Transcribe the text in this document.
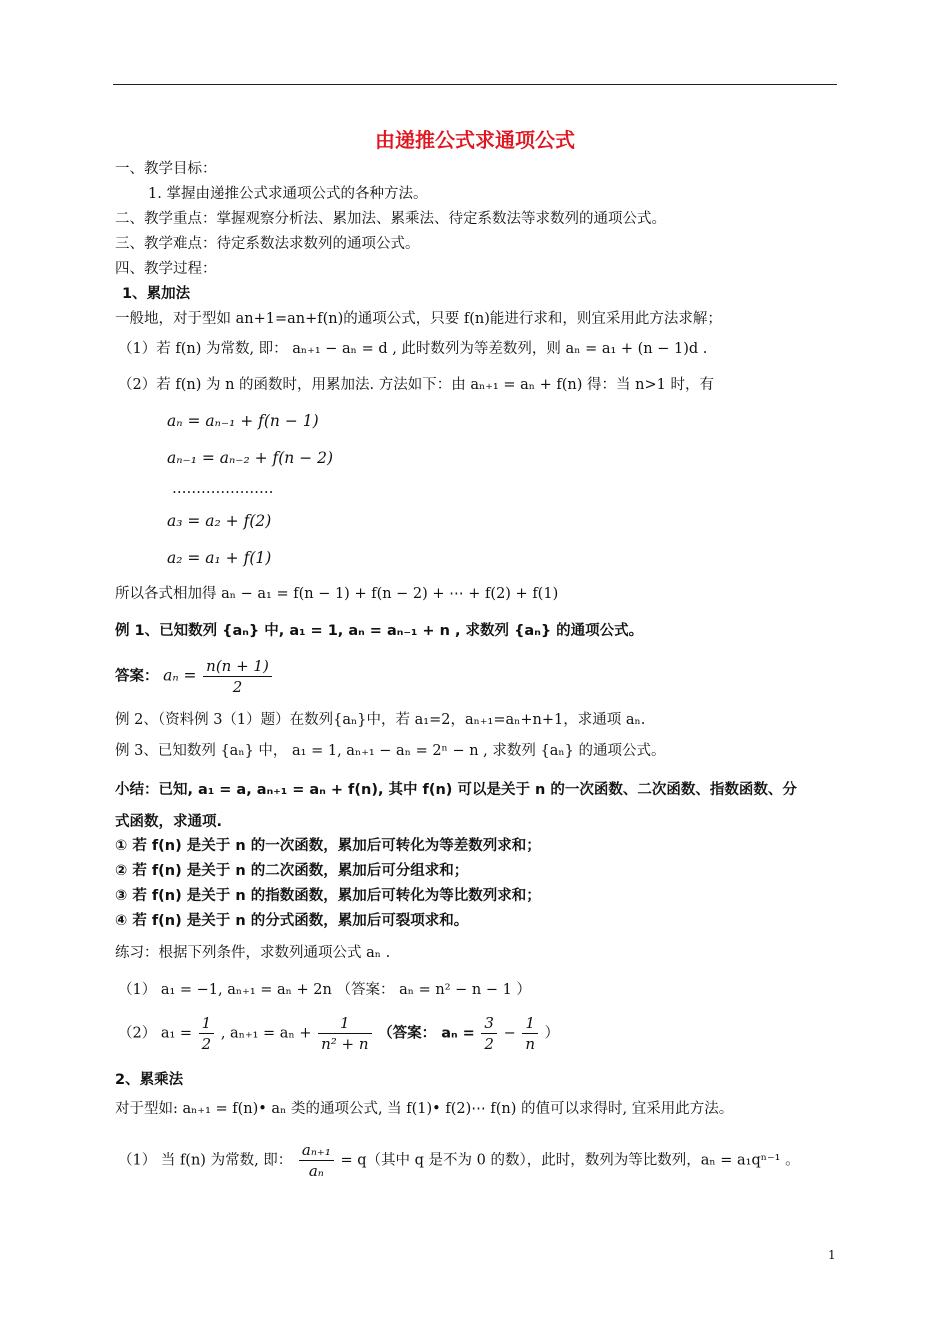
由递推公式求通项公式
一、教学目标：
1. 掌握由递推公式求通项公式的各种方法。
二、教学重点：掌握观察分析法、累加法、累乘法、待定系数法等求数列的通项公式。
三、教学难点：待定系数法求数列的通项公式。
四、教学过程：
1、累加法
一般地，对于型如 an+1=an+f(n)的通项公式，只要 f(n)能进行求和，则宜采用此方法求解；
（1）若 f(n) 为常数, 即： aₙ₊₁ − aₙ = d , 此时数列为等差数列，则 aₙ = a₁ + (n − 1)d .
（2）若 f(n) 为 n 的函数时，用累加法. 方法如下：由 aₙ₊₁ = aₙ + f(n) 得：当 n>1 时，有
aₙ = aₙ₋₁ + f(n − 1)
aₙ₋₁ = aₙ₋₂ + f(n − 2)
…………………
a₃ = a₂ + f(2)
a₂ = a₁ + f(1)
所以各式相加得 aₙ − a₁ = f(n − 1) + f(n − 2) + ⋯ + f(2) + f(1)
例 1、已知数列 {aₙ} 中, a₁ = 1, aₙ = aₙ₋₁ + n , 求数列 {aₙ} 的通项公式。
答案： $a_n = \frac{n(n + 1)}{2}$
例 2、（资料例 3（1）题）在数列{aₙ}中，若 a₁=2，aₙ₊₁=aₙ+n+1，求通项 aₙ.
例 3、已知数列 {aₙ} 中， a₁ = 1, aₙ₊₁ − aₙ = 2ⁿ − n , 求数列 {aₙ} 的通项公式。
小结：已知, a₁ = a, aₙ₊₁ = aₙ + f(n), 其中 f(n) 可以是关于 n 的一次函数、二次函数、指数函数、分
式函数，求通项.
① 若 f(n) 是关于 n 的一次函数，累加后可转化为等差数列求和；
② 若 f(n) 是关于 n 的二次函数，累加后可分组求和；
③ 若 f(n) 是关于 n 的指数函数，累加后可转化为等比数列求和；
④ 若 f(n) 是关于 n 的分式函数，累加后可裂项求和。
练习：根据下列条件，求数列通项公式 aₙ .
（1） a₁ = −1, aₙ₊₁ = aₙ + 2n （答案： aₙ = n² − n − 1 ）
（2） $a_1 = \frac{1}{2}$ , $a_{n+1} = a_n + \frac{1}{\text{n² + n}}$ （答案： $a_n = \frac{3}{2} - \frac{1}{n}$ ）
2、累乘法
对于型如: aₙ₊₁ = f(n)• aₙ 类的通项公式, 当 f(1)• f(2)⋯ f(n) 的值可以求得时, 宜采用此方法。
（1） 当 f(n) 为常数, 即： $\frac{\text{aₙ₊₁}}{\text{aₙ}} = q$（其中 q 是不为 0 的数），此时，数列为等比数列，aₙ = a₁qⁿ⁻¹ 。
1
